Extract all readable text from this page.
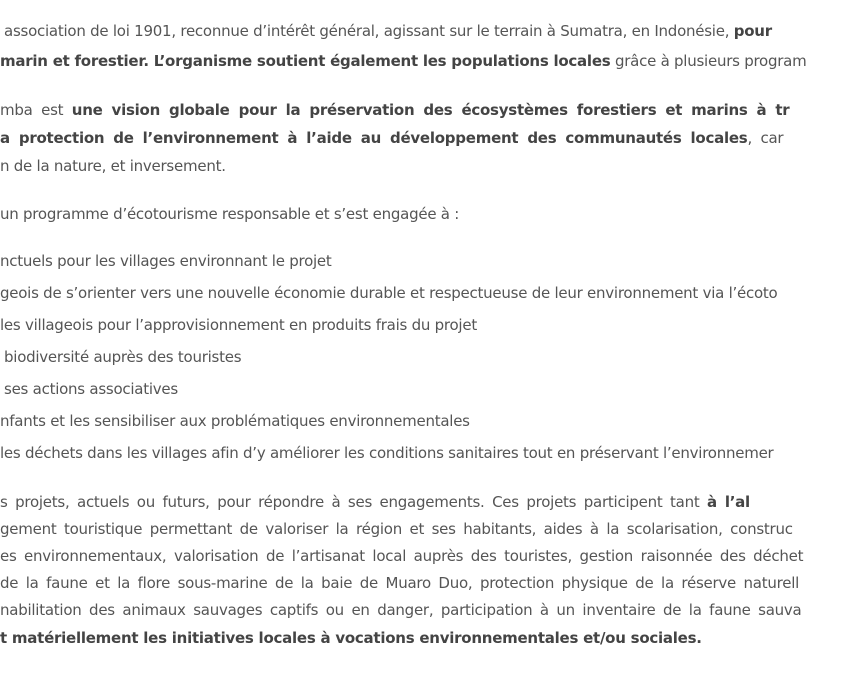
association de loi 1901, reconnue d’intérêt général, agissant sur le terrain à Sumatra, en Indonésie, pour
marin et forestier. L’organisme soutient également les populations locales grâce à plusieurs program
mba est une vision globale pour la préservation des écosystèmes forestiers et marins à tr
a protection de l’environnement à l’aide au développement des communautés locales, car
n de la nature, et inversement.
un programme d’écotourisme responsable et s’est engagée à :
nctuels pour les villages environnant le projet
geois de s’orienter vers une nouvelle économie durable et respectueuse de leur environnement via l’écoto
les villageois pour l’approvisionnement en produits frais du projet
biodiversité auprès des touristes
ses actions associatives
nfants et les sensibiliser aux problématiques environnementales
les déchets dans les villages afin d’y améliorer les conditions sanitaires tout en préservant l’environnemer
s projets, actuels ou futurs, pour répondre à ses engagements. Ces projets participent tant à l’al
gement touristique permettant de valoriser la région et ses habitants, aides à la scolarisation, construc
es environnementaux, valorisation de l’artisanat local auprès des touristes, gestion raisonnée des déchet
de la faune et la flore sous-marine de la baie de Muaro Duo, protection physique de la réserve naturell
nabilitation des animaux sauvages captifs ou en danger, participation à un inventaire de la faune sauva
t matériellement les initiatives locales à vocations environnementales et/ou sociales.
